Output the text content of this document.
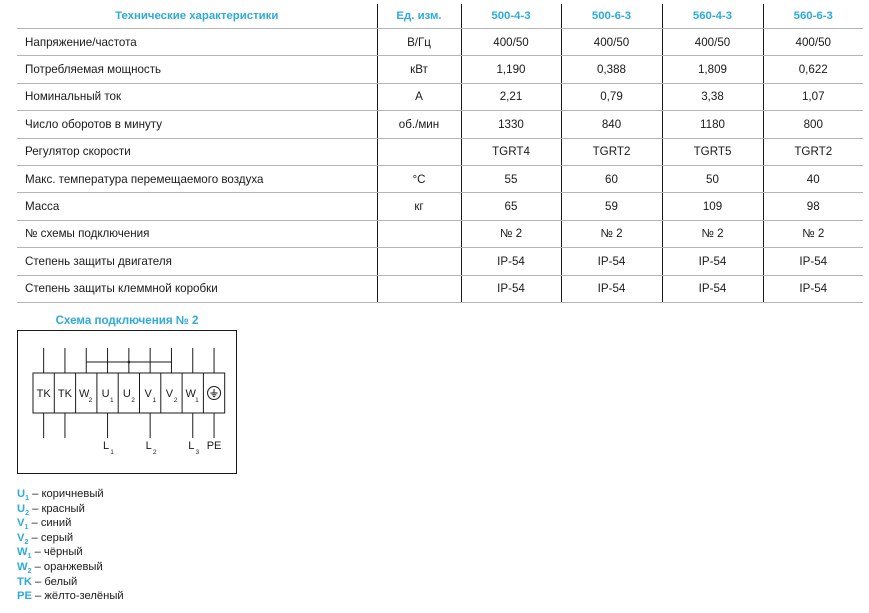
Технические характеристики	Ед. изм.	500-4-3	500-6-3	560-4-3	560-6-3
Напряжение/частота	В/Гц	400/50	400/50	400/50	400/50
Потребляемая мощность	кВт	1,190	0,388	1,809	0,622
Номинальный ток	А	2,21	0,79	3,38	1,07
Число оборотов в минуту	об./мин	1330	840	1180	800
Регулятор скорости		TGRT4	TGRT2	TGRT5	TGRT2
Макс. температура перемещаемого воздуха	°С	55	60	50	40
Масса	кг	65	59	109	98
№ схемы подключения		№ 2	№ 2	№ 2	№ 2
Степень защиты двигателя		IP-54	IP-54	IP-54	IP-54
Степень защиты клеммной коробки		IP-54	IP-54	IP-54	IP-54
Схема подключения № 2
TK TK W
2
U
1
U
2
V
1
V
2
W
1
L
1
L
2
L
3
PE
$U_1$ – коричневый
$U_2$ – красный
$V_1$ – синий
$V_2$ – серый
$W_1$ – чёрный
$W_2$ – оранжевый
TK – белый
PE – жёлто-зелёный
